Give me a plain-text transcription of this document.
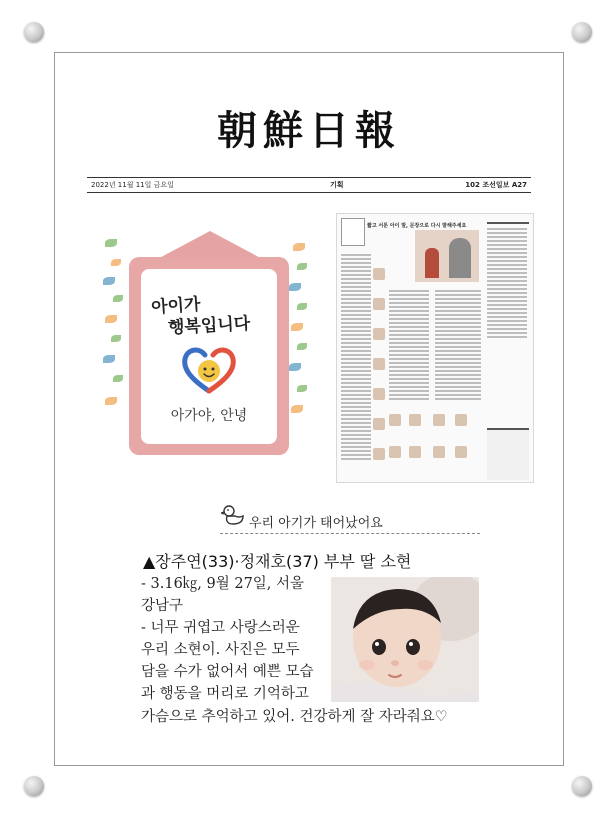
朝鮮日報
2022년 11월 11일 금요일	기획	102 조선일보 A27
아이가
행복입니다
아가야, 안녕
짧고 서툰 아이 말, 문장으로 다시 말해주세요
우리 아기가 태어났어요
▲장주연(33)·정재호(37) 부부 딸 소현
- 3.16㎏, 9월 27일, 서울
강남구
- 너무 귀엽고 사랑스러운
우리 소현이. 사진은 모두
담을 수가 없어서 예쁜 모습
과 행동을 머리로 기억하고
가슴으로 추억하고 있어. 건강하게 잘 자라줘요♡
